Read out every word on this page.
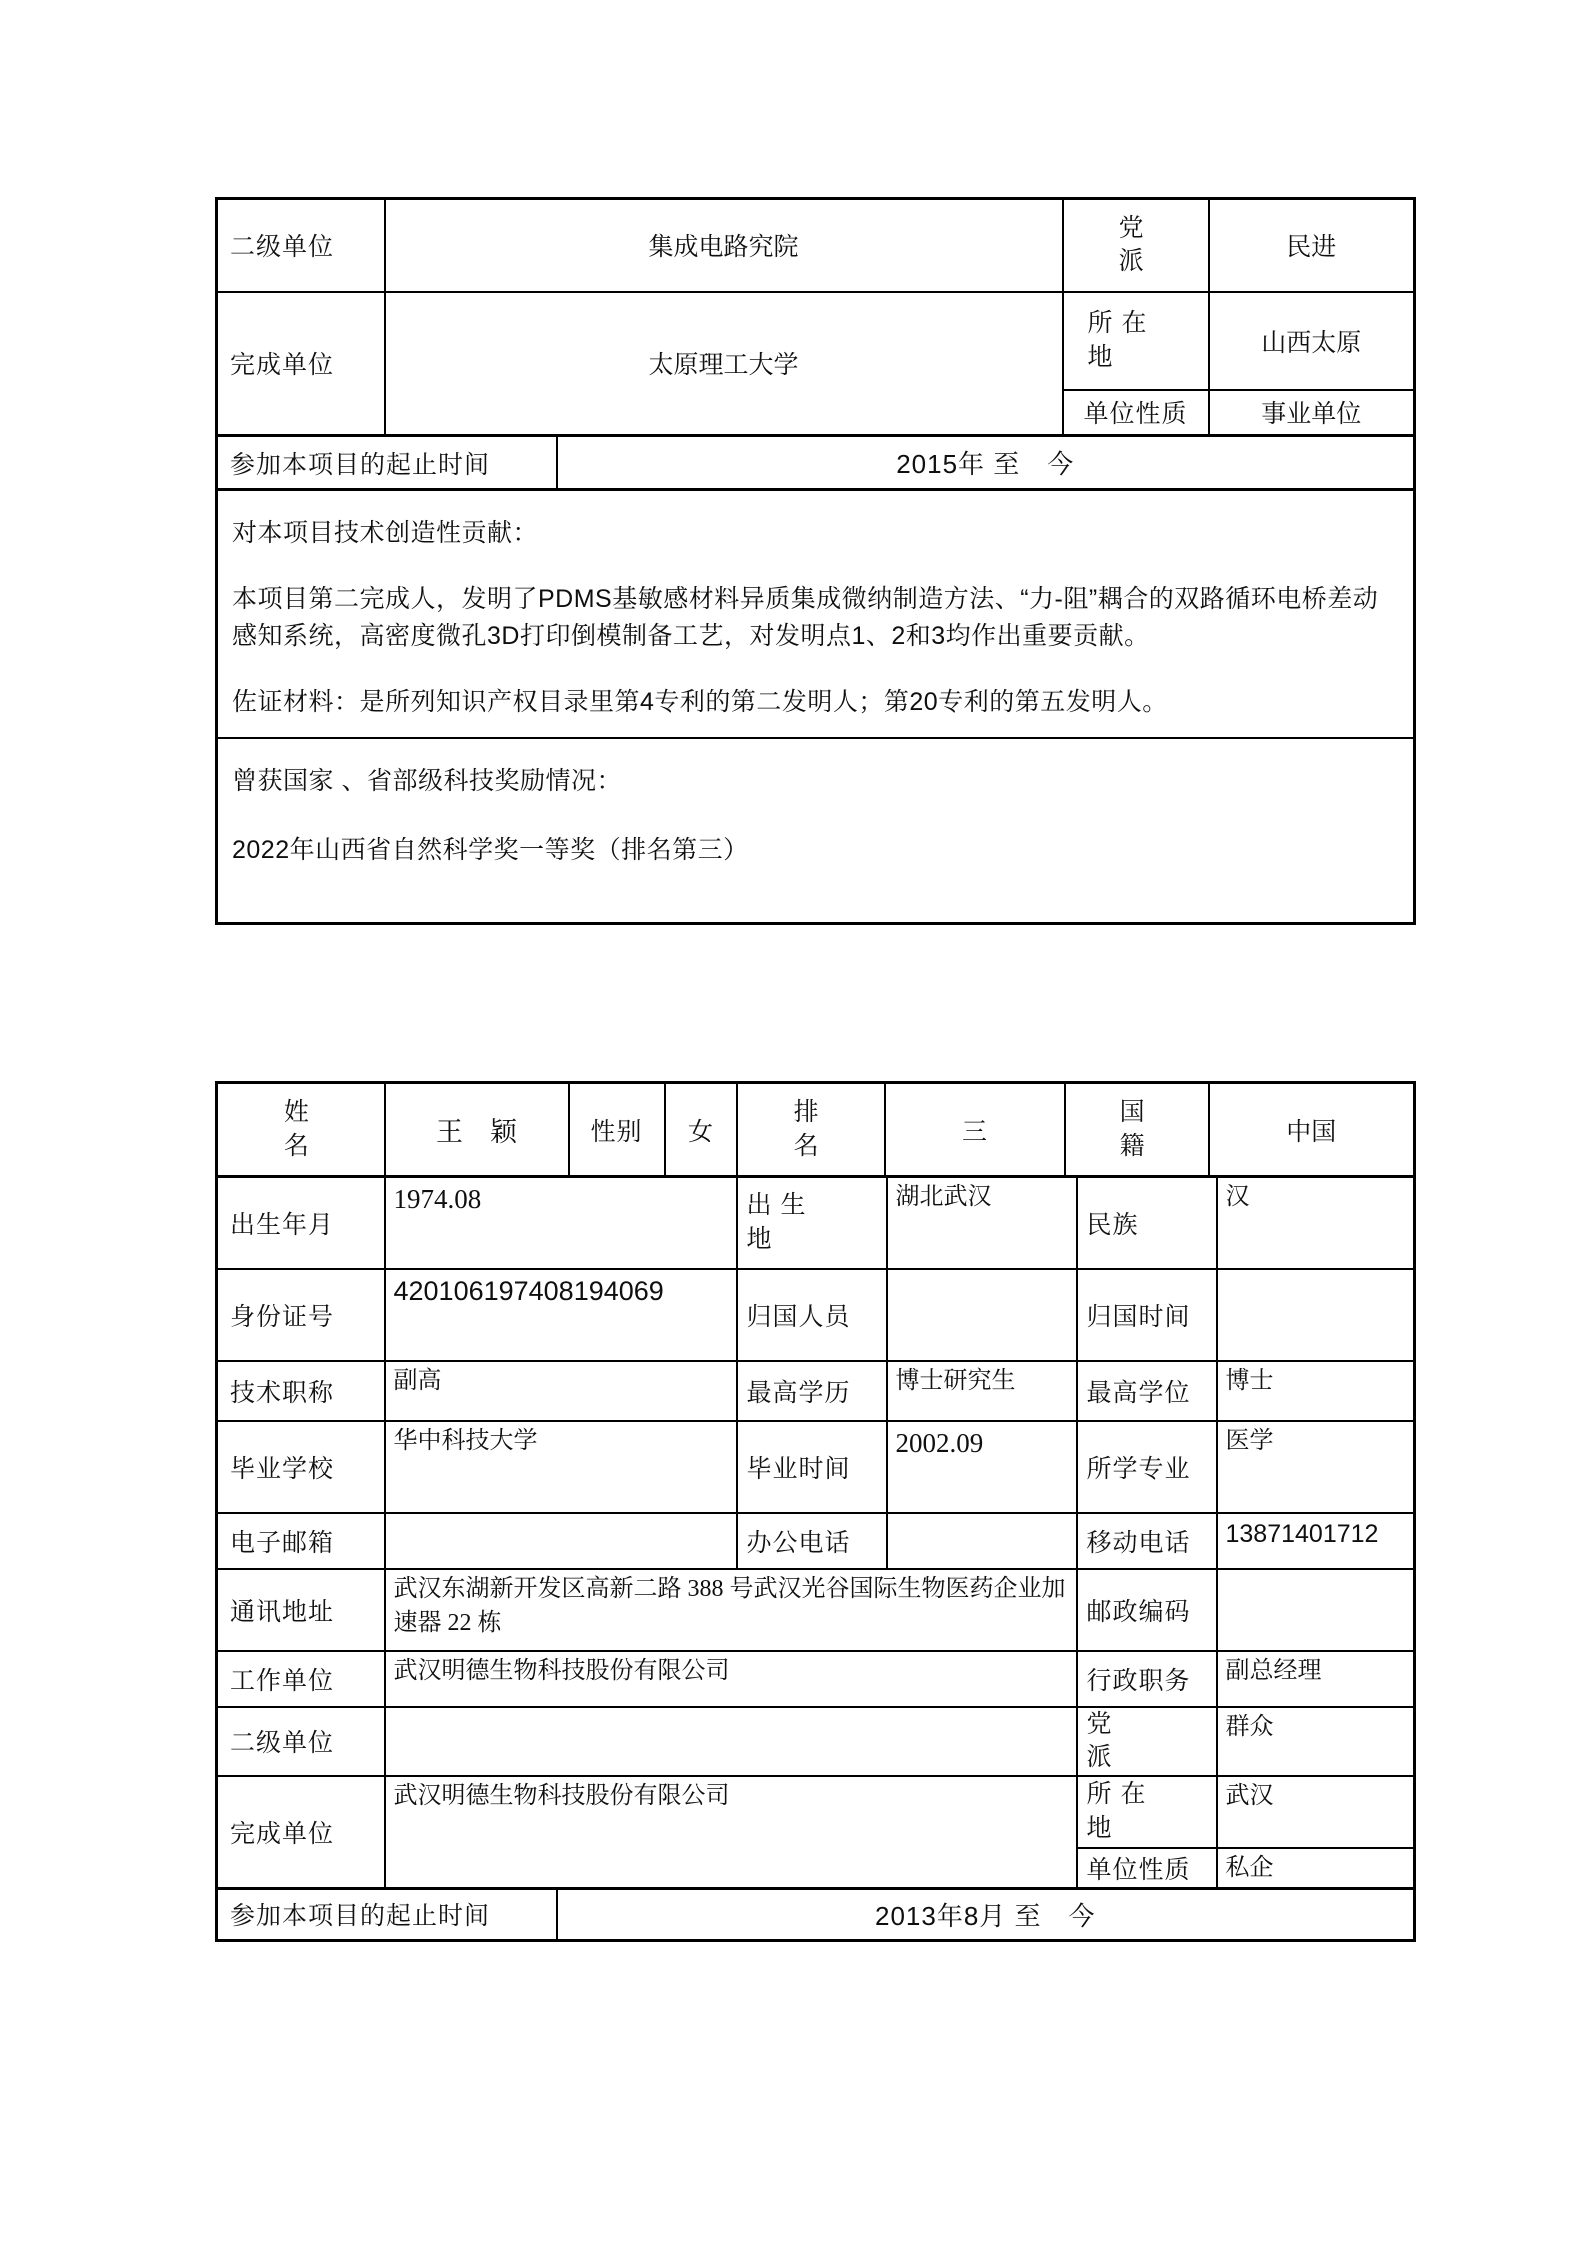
二级单位	集成电路究院	党 派	民进
完成单位	太原理工大学	所 在 地	山西太原
		单位性质	事业单位
参加本项目的起止时间	2015年 至　今

对本项目技术创造性贡献：

本项目第二完成人，发明了PDMS基敏感材料异质集成微纳制造方法、“力-阻”耦合的双路循环电桥差动感知系统，高密度微孔3D打印倒模制备工艺，对发明点1、2和3均作出重要贡献。

佐证材料：是所列知识产权目录里第4专利的第二发明人；第20专利的第五发明人。

曾获国家 、省部级科技奖励情况：

2022年山西省自然科学奖一等奖（排名第三）

姓 名	王　颖	性别	女	排 名	三	国 籍	中国
出生年月	1974.08	出 生 地	湖北武汉	民族	汉
身份证号	420106197408194069	归国人员		归国时间	
技术职称	副高	最高学历	博士研究生	最高学位	博士
毕业学校	华中科技大学	毕业时间	2002.09	所学专业	医学
电子邮箱		办公电话		移动电话	13871401712
通讯地址	武汉东湖新开发区高新二路 388 号武汉光谷国际生物医药企业加速器 22 栋			邮政编码	
工作单位	武汉明德生物科技股份有限公司			行政职务	副总经理
二级单位				党 派	群众
完成单位	武汉明德生物科技股份有限公司			所 在 地	武汉
				单位性质	私企
参加本项目的起止时间	2013年8月 至　今
